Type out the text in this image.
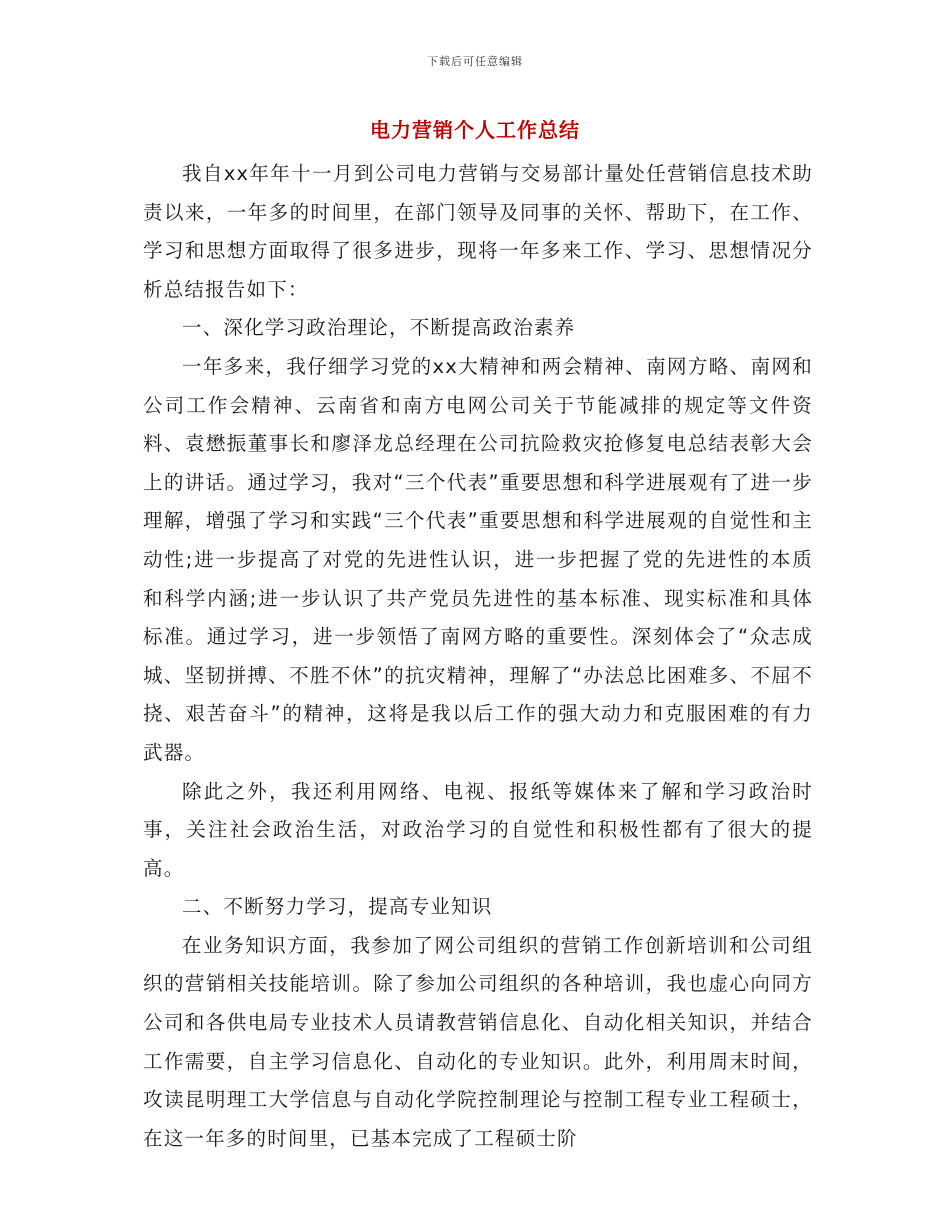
下载后可任意编辑
电力营销个人工作总结

我自xx年年十一月到公司电力营销与交易部计量处任营销信息技术助责以来，一年多的时间里，在部门领导及同事的关怀、帮助下，在工作、学习和思想方面取得了很多进步，现将一年多来工作、学习、思想情况分析总结报告如下：

一、深化学习政治理论，不断提高政治素养

一年多来，我仔细学习党的xx大精神和两会精神、南网方略、南网和公司工作会精神、云南省和南方电网公司关于节能减排的规定等文件资料、袁懋振董事长和廖泽龙总经理在公司抗险救灾抢修复电总结表彰大会上的讲话。通过学习，我对“三个代表”重要思想和科学进展观有了进一步理解，增强了学习和实践“三个代表”重要思想和科学进展观的自觉性和主动性;进一步提高了对党的先进性认识，进一步把握了党的先进性的本质和科学内涵;进一步认识了共产党员先进性的基本标准、现实标准和具体标准。通过学习，进一步领悟了南网方略的重要性。深刻体会了“众志成城、坚韧拼搏、不胜不休”的抗灾精神，理解了“办法总比困难多、不屈不挠、艰苦奋斗”的精神，这将是我以后工作的强大动力和克服困难的有力武器。

除此之外，我还利用网络、电视、报纸等媒体来了解和学习政治时事，关注社会政治生活，对政治学习的自觉性和积极性都有了很大的提高。

二、不断努力学习，提高专业知识

在业务知识方面，我参加了网公司组织的营销工作创新培训和公司组织的营销相关技能培训。除了参加公司组织的各种培训，我也虚心向同方公司和各供电局专业技术人员请教营销信息化、自动化相关知识，并结合工作需要，自主学习信息化、自动化的专业知识。此外，利用周末时间，攻读昆明理工大学信息与自动化学院控制理论与控制工程专业工程硕士，在这一年多的时间里，已基本完成了工程硕士阶
